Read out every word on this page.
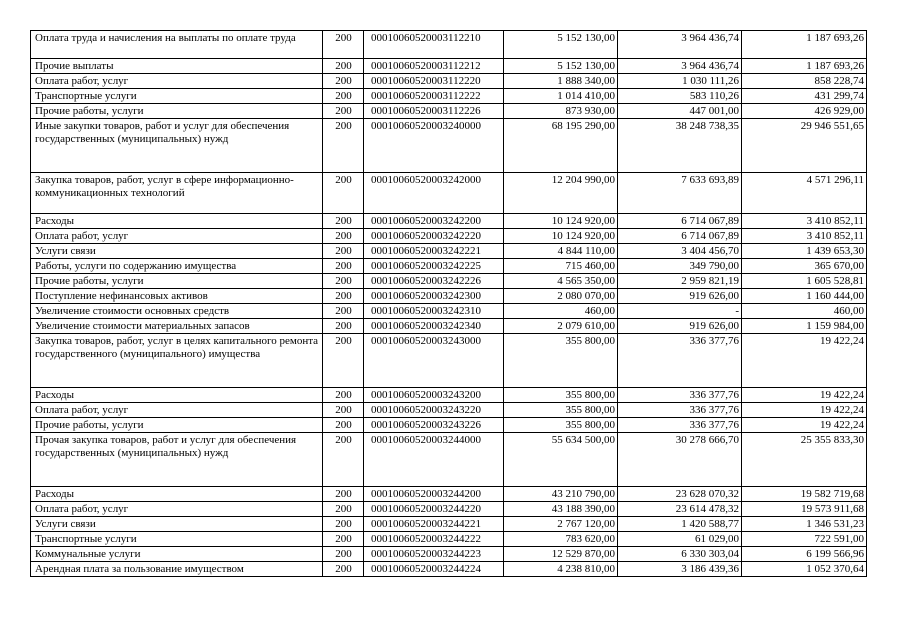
Оплата труда и начисления на выплаты по оплате труда	200	00010060520003112210	5 152 130,00	3 964 436,74	1 187 693,26
Прочие выплаты	200	00010060520003112212	5 152 130,00	3 964 436,74	1 187 693,26
Оплата работ, услуг	200	00010060520003112220	1 888 340,00	1 030 111,26	858 228,74
Транспортные услуги	200	00010060520003112222	1 014 410,00	583 110,26	431 299,74
Прочие работы, услуги	200	00010060520003112226	873 930,00	447 001,00	426 929,00
Иные закупки товаров, работ и услуг для обеспечения государственных (муниципальных) нужд	200	00010060520003240000	68 195 290,00	38 248 738,35	29 946 551,65
Закупка товаров, работ, услуг в сфере информационно-коммуникационных технологий	200	00010060520003242000	12 204 990,00	7 633 693,89	4 571 296,11
Расходы	200	00010060520003242200	10 124 920,00	6 714 067,89	3 410 852,11
Оплата работ, услуг	200	00010060520003242220	10 124 920,00	6 714 067,89	3 410 852,11
Услуги связи	200	00010060520003242221	4 844 110,00	3 404 456,70	1 439 653,30
Работы, услуги по содержанию имущества	200	00010060520003242225	715 460,00	349 790,00	365 670,00
Прочие работы, услуги	200	00010060520003242226	4 565 350,00	2 959 821,19	1 605 528,81
Поступление нефинансовых активов	200	00010060520003242300	2 080 070,00	919 626,00	1 160 444,00
Увеличение стоимости основных средств	200	00010060520003242310	460,00	-	460,00
Увеличение стоимости материальных запасов	200	00010060520003242340	2 079 610,00	919 626,00	1 159 984,00
Закупка товаров, работ, услуг в целях капитального ремонта государственного (муниципального) имущества	200	00010060520003243000	355 800,00	336 377,76	19 422,24
Расходы	200	00010060520003243200	355 800,00	336 377,76	19 422,24
Оплата работ, услуг	200	00010060520003243220	355 800,00	336 377,76	19 422,24
Прочие работы, услуги	200	00010060520003243226	355 800,00	336 377,76	19 422,24
Прочая закупка товаров, работ и услуг для обеспечения государственных (муниципальных) нужд	200	00010060520003244000	55 634 500,00	30 278 666,70	25 355 833,30
Расходы	200	00010060520003244200	43 210 790,00	23 628 070,32	19 582 719,68
Оплата работ, услуг	200	00010060520003244220	43 188 390,00	23 614 478,32	19 573 911,68
Услуги связи	200	00010060520003244221	2 767 120,00	1 420 588,77	1 346 531,23
Транспортные услуги	200	00010060520003244222	783 620,00	61 029,00	722 591,00
Коммунальные услуги	200	00010060520003244223	12 529 870,00	6 330 303,04	6 199 566,96
Арендная плата за пользование имуществом	200	00010060520003244224	4 238 810,00	3 186 439,36	1 052 370,64
